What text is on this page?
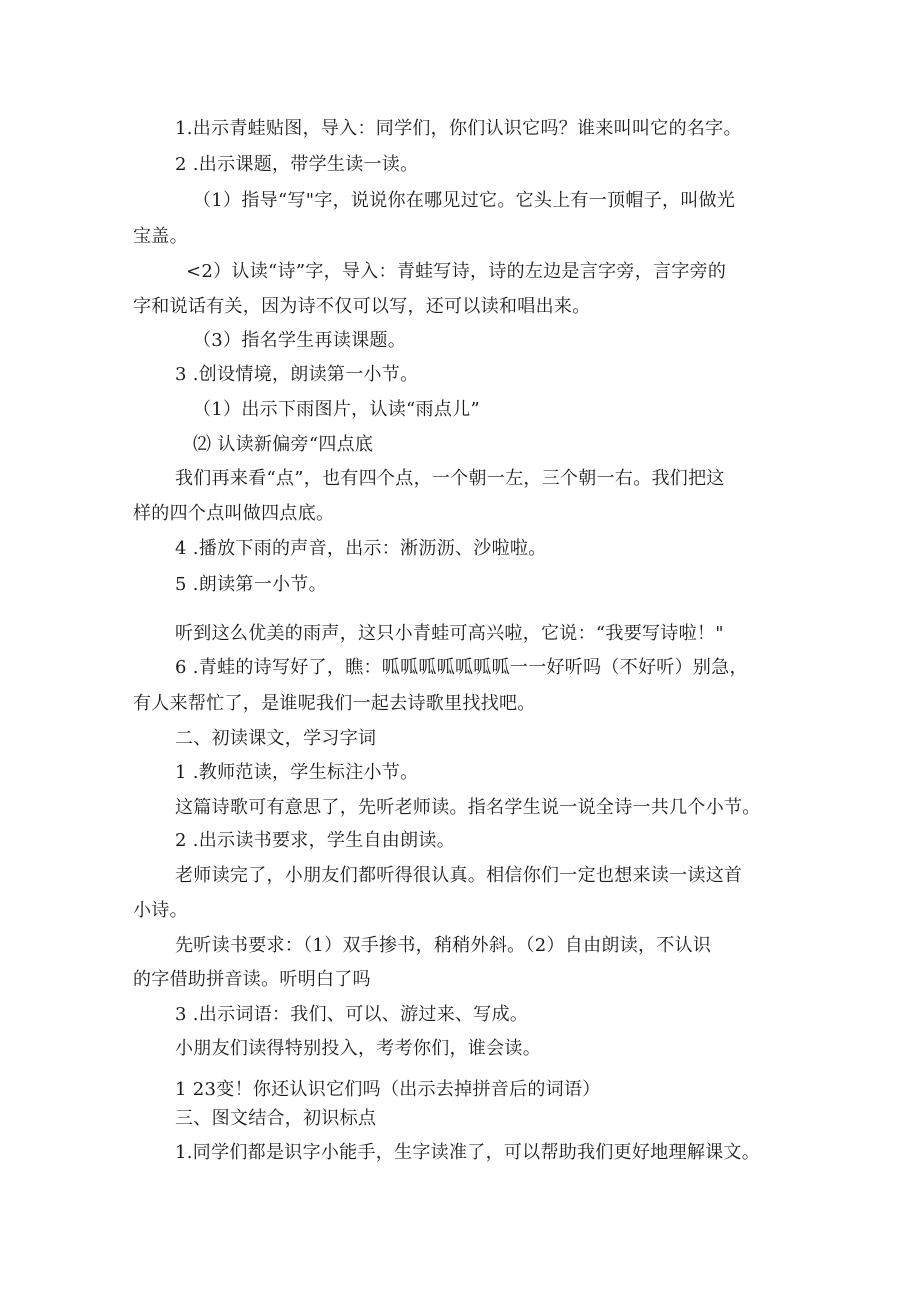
1.出示青蛙贴图，导入：同学们，你们认识它吗？谁来叫叫它的名字。
2 .出示课题，带学生读一读。
（1）指导“写"字，说说你在哪见过它。它头上有一顶帽子，叫做光
宝盖。
<2）认读“诗”字，导入：青蛙写诗，诗的左边是言字旁，言字旁的
字和说话有关，因为诗不仅可以写，还可以读和唱出来。
（3）指名学生再读课题。
3 .创设情境，朗读第一小节。
（1）出示下雨图片，认读“雨点儿”
⑵ 认读新偏旁“四点底
我们再来看“点”，也有四个点，一个朝一左，三个朝一右。我们把这
样的四个点叫做四点底。
4 .播放下雨的声音，出示：淅沥沥、沙啦啦。
5 .朗读第一小节。
听到这么优美的雨声，这只小青蛙可高兴啦，它说：“我要写诗啦！"
6 .青蛙的诗写好了，瞧：呱呱呱呱呱呱呱一一好听吗（不好听）别急，
有人来帮忙了，是谁呢我们一起去诗歌里找找吧。
二、初读课文，学习字词
1 .教师范读，学生标注小节。
这篇诗歌可有意思了，先听老师读。指名学生说一说全诗一共几个小节。
2 .出示读书要求，学生自由朗读。
老师读完了，小朋友们都听得很认真。相信你们一定也想来读一读这首
小诗。
先听读书要求：（1）双手掺书，稍稍外斜。（2）自由朗读，不认识
的字借助拼音读。听明白了吗
3 .出示词语：我们、可以、游过来、写成。
小朋友们读得特别投入，考考你们，谁会读。
1 23变！你还认识它们吗（出示去掉拼音后的词语）
三、图文结合，初识标点
1.同学们都是识字小能手，生字读准了，可以帮助我们更好地理解课文。
